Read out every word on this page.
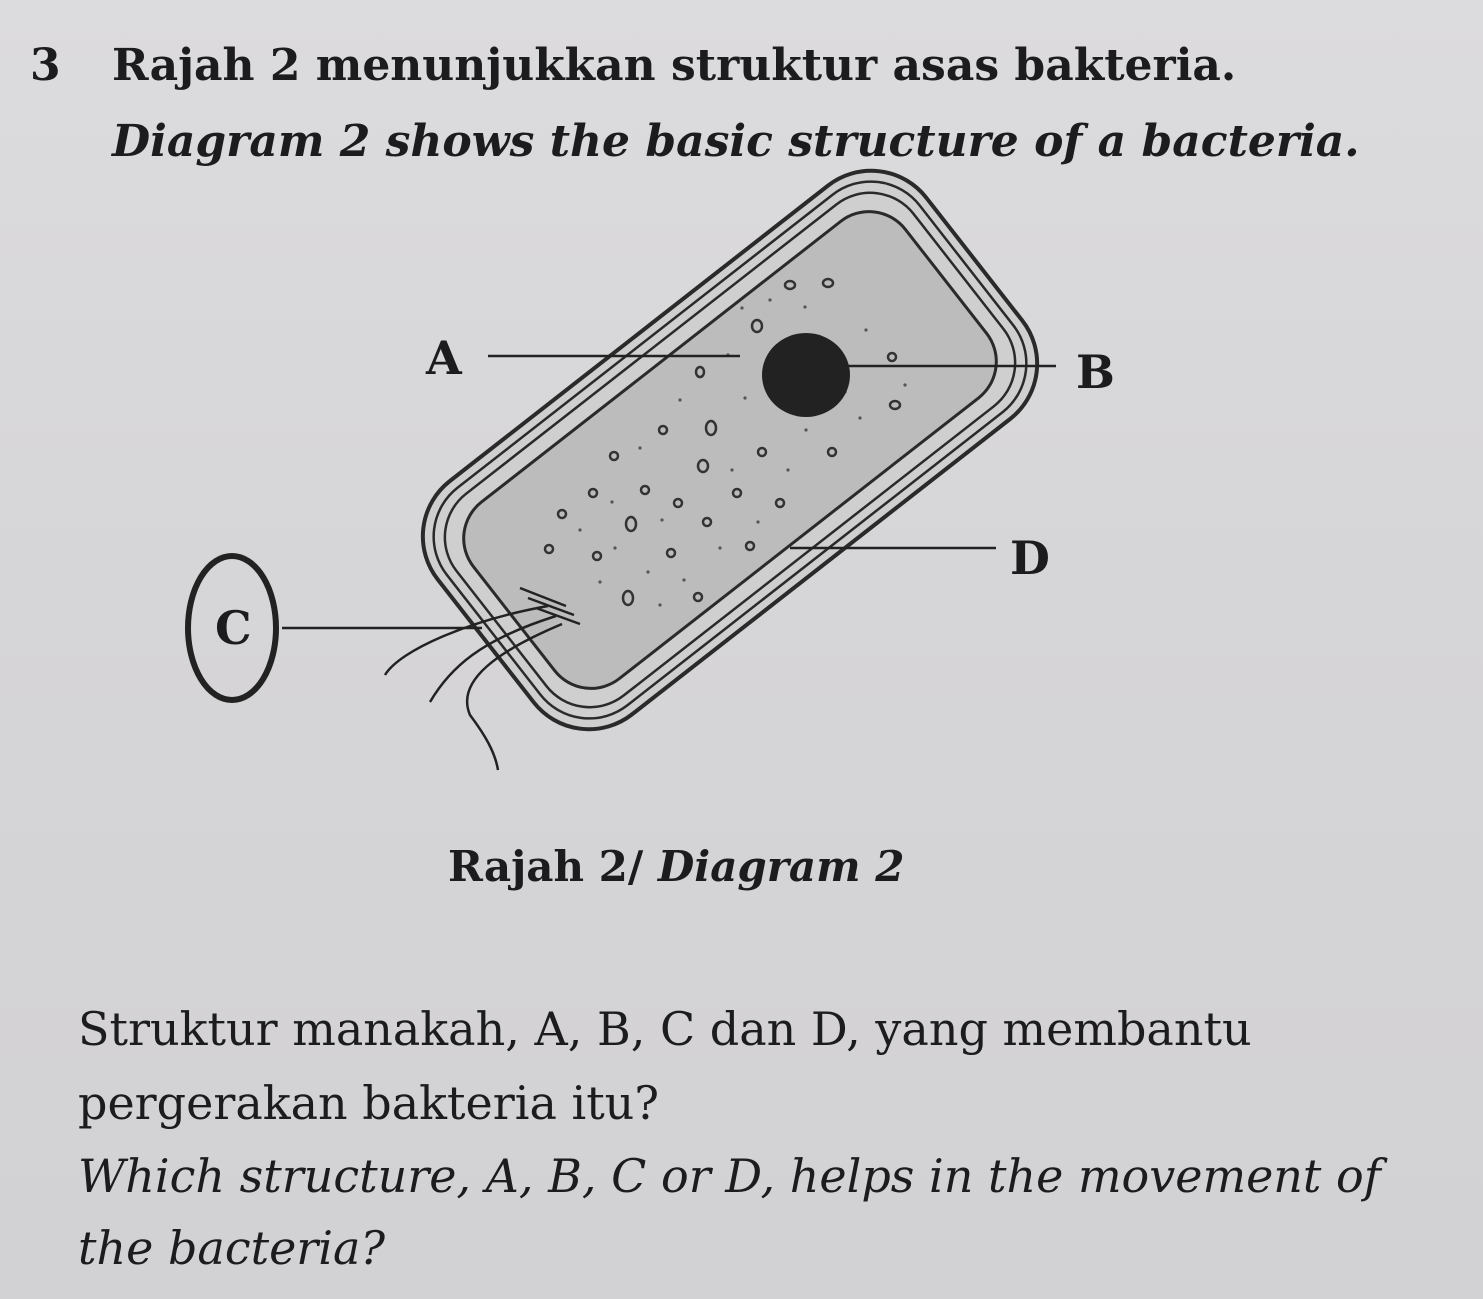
3 Rajah 2 menunjukkan struktur asas bakteria.
Diagram 2 shows the basic structure of a bacteria.
A	B
C
D
Rajah 2/ Diagram 2
Struktur manakah, A, B, C dan D, yang membantu pergerakan bakteria itu?
Which structure, A, B, C or D, helps in the movement of the bacteria?
